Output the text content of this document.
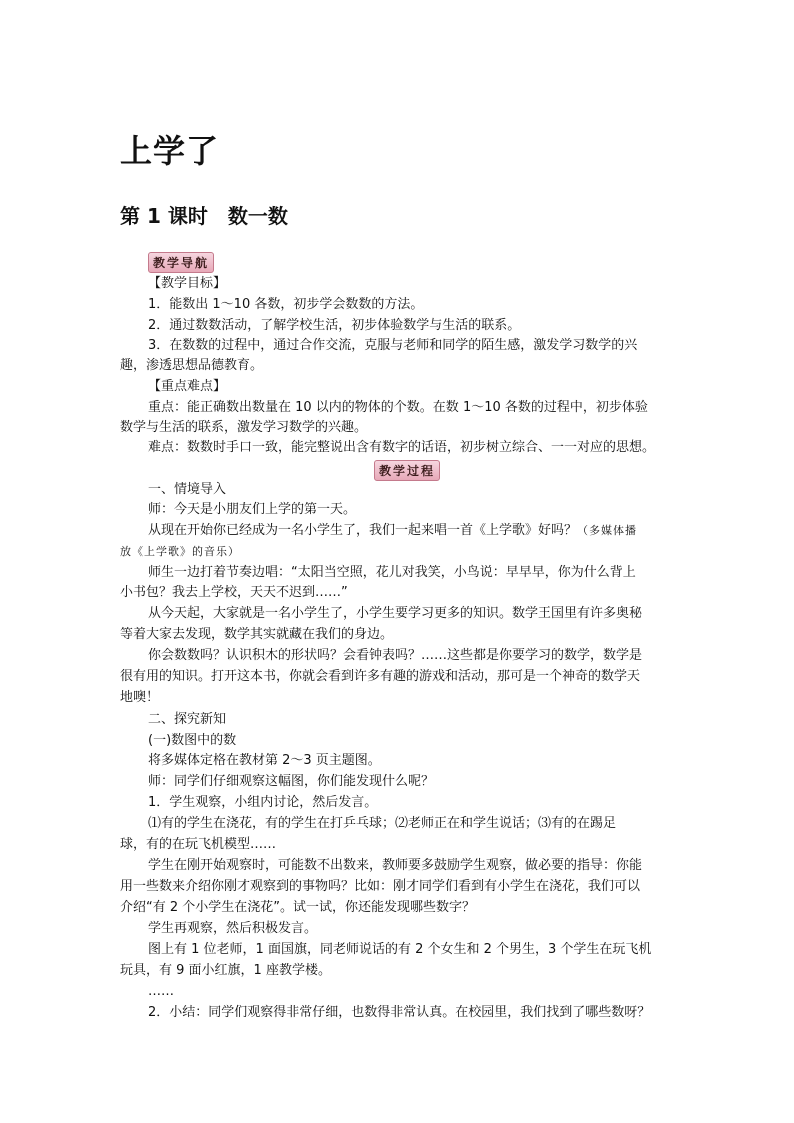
上学了
第 1 课时　数一数
教学导航
教学过程
【教学目标】
1．能数出 1～10 各数，初步学会数数的方法。
2．通过数数活动，了解学校生活，初步体验数学与生活的联系。
3．在数数的过程中，通过合作交流，克服与老师和同学的陌生感，激发学习数学的兴
趣，渗透思想品德教育。
【重点难点】
重点：能正确数出数量在 10 以内的物体的个数。在数 1～10 各数的过程中，初步体验
数学与生活的联系，激发学习数学的兴趣。
难点：数数时手口一致，能完整说出含有数字的话语，初步树立综合、一一对应的思想。
一、情境导入
师：今天是小朋友们上学的第一天。
从现在开始你已经成为一名小学生了，我们一起来唱一首《上学歌》好吗？（多媒体播
放《上学歌》的音乐）
师生一边打着节奏边唱：“太阳当空照，花儿对我笑，小鸟说：早早早，你为什么背上
小书包？我去上学校，天天不迟到……”
从今天起，大家就是一名小学生了，小学生要学习更多的知识。数学王国里有许多奥秘
等着大家去发现，数学其实就藏在我们的身边。
你会数数吗？认识积木的形状吗？会看钟表吗？……这些都是你要学习的数学，数学是
很有用的知识。打开这本书，你就会看到许多有趣的游戏和活动，那可是一个神奇的数学天
地噢！
二、探究新知
(一)数图中的数
将多媒体定格在教材第 2～3 页主题图。
师：同学们仔细观察这幅图，你们能发现什么呢？
1．学生观察，小组内讨论，然后发言。
⑴有的学生在浇花，有的学生在打乒乓球；⑵老师正在和学生说话；⑶有的在踢足
球，有的在玩飞机模型……
学生在刚开始观察时，可能数不出数来，教师要多鼓励学生观察，做必要的指导：你能
用一些数来介绍你刚才观察到的事物吗？比如：刚才同学们看到有小学生在浇花，我们可以
介绍“有 2 个小学生在浇花”。试一试，你还能发现哪些数字？
学生再观察，然后积极发言。
图上有 1 位老师，1 面国旗，同老师说话的有 2 个女生和 2 个男生，3 个学生在玩飞机
玩具，有 9 面小红旗，1 座教学楼。
……
2．小结：同学们观察得非常仔细，也数得非常认真。在校园里，我们找到了哪些数呀？
